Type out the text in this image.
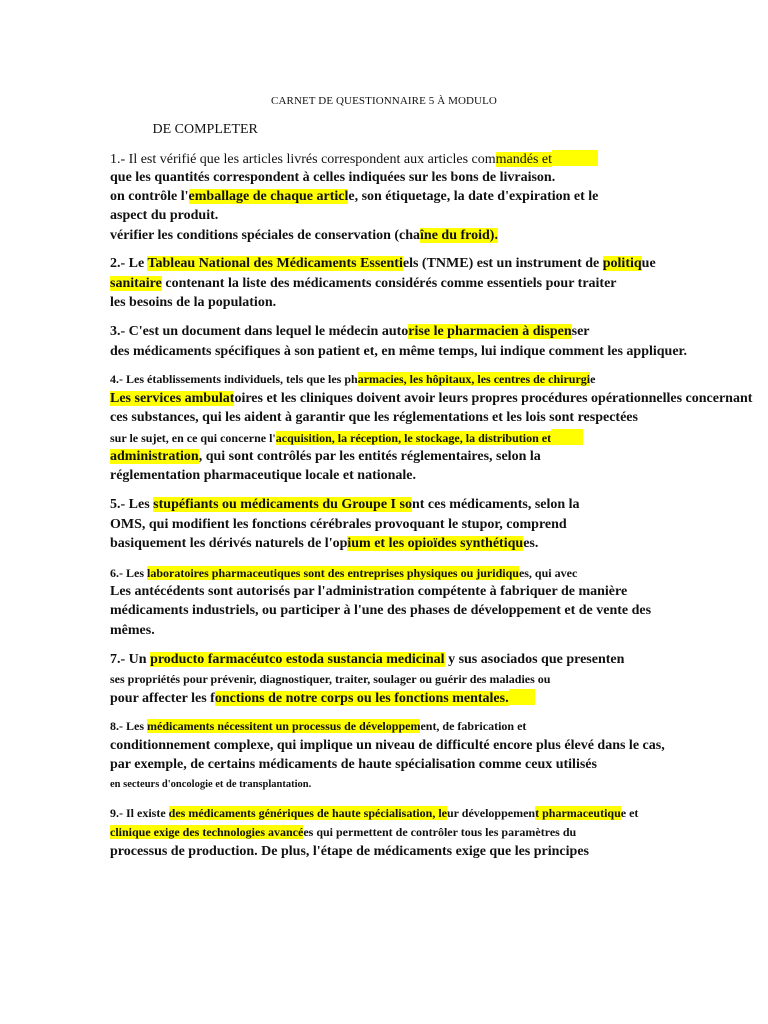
CARNET DE QUESTIONNAIRE 5 À MODULO
DE COMPLETER
1.- Il est vérifié que les articles livrés correspondent aux articles commandés et
que les quantités correspondent à celles indiquées sur les bons de livraison.
on contrôle l'emballage de chaque article, son étiquetage, la date d'expiration et le
aspect du produit.
vérifier les conditions spéciales de conservation (chaîne du froid).
2.- Le Tableau National des Médicaments Essentiels (TNME) est un instrument de politique
sanitaire contenant la liste des médicaments considérés comme essentiels pour traiter
les besoins de la population.
3.- C'est un document dans lequel le médecin autorise le pharmacien à dispenser
des médicaments spécifiques à son patient et, en même temps, lui indique comment les appliquer.
4.- Les établissements individuels, tels que les pharmacies, les hôpitaux, les centres de chirurgie
Les services ambulatoires et les cliniques doivent avoir leurs propres procédures opérationnelles concernant
ces substances, qui les aident à garantir que les réglementations et les lois sont respectées
sur le sujet, en ce qui concerne l'acquisition, la réception, le stockage, la distribution et
administration, qui sont contrôlés par les entités réglementaires, selon la
réglementation pharmaceutique locale et nationale.
5.- Les stupéfiants ou médicaments du Groupe I sont ces médicaments, selon la
OMS, qui modifient les fonctions cérébrales provoquant le stupor, comprend
basiquement les dérivés naturels de l'opium et les opioïdes synthétiques.
6.- Les laboratoires pharmaceutiques sont des entreprises physiques ou juridiques, qui avec
Les antécédents sont autorisés par l'administration compétente à fabriquer de manière
médicaments industriels, ou participer à l'une des phases de développement et de vente des
mêmes.
7.- Un producto farmacéutco estoda sustancia medicinal y sus asociados que presenten
ses propriétés pour prévenir, diagnostiquer, traiter, soulager ou guérir des maladies ou
pour affecter les fonctions de notre corps ou les fonctions mentales.
8.- Les médicaments nécessitent un processus de développement, de fabrication et
conditionnement complexe, qui implique un niveau de difficulté encore plus élevé dans le cas,
par exemple, de certains médicaments de haute spécialisation comme ceux utilisés
en secteurs d'oncologie et de transplantation.
9.- Il existe des médicaments génériques de haute spécialisation, leur développement pharmaceutique et
clinique exige des technologies avancées qui permettent de contrôler tous les paramètres du
processus de production. De plus, l'étape de médicaments exige que les principes
